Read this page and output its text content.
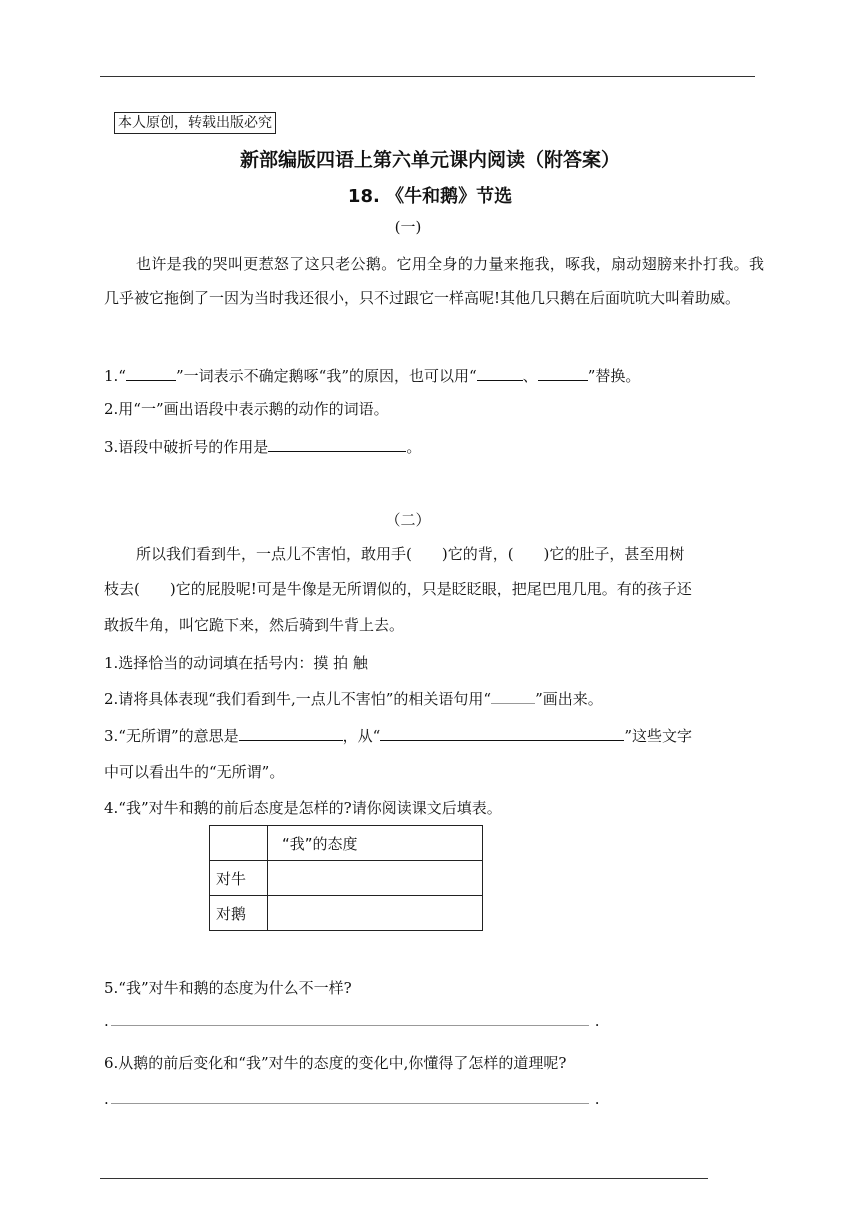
本人原创，转载出版必究
新部编版四语上第六单元课内阅读（附答案）
18. 《牛和鹅》节选
(一)
也许是我的哭叫更惹怒了这只老公鹅。它用全身的力量来拖我，啄我，扇动翅膀来扑打我。我几乎被它拖倒了一因为当时我还很小，只不过跟它一样高呢!其他几只鹅在后面吭吭大叫着助威。
1.“	”一词表示不确定鹅啄“我”的原因，也可以用“	、	”替换。
2.用“一”画出语段中表示鹅的动作的词语。
3.语段中破折号的作用是	。
（二）
所以我们看到牛，一点儿不害怕，敢用手(　　)它的背，(　　)它的肚子，甚至用树
枝去(　　)它的屁股呢!可是牛像是无所谓似的，只是眨眨眼，把尾巴甩几甩。有的孩子还
敢扳牛角，叫它跪下来，然后骑到牛背上去。
1.选择恰当的动词填在括号内：摸 拍 触
2.请将具体表现“我们看到牛,一点儿不害怕”的相关语句用“	”画出来。
3.“无所谓”的意思是	，从“	”这些文字
中可以看出牛的“无所谓”。
4.“我”对牛和鹅的前后态度是怎样的?请你阅读课文后填表。
	“我”的态度
对牛	
对鹅	
5.“我”对牛和鹅的态度为什么不一样?
.	.
6.从鹅的前后变化和“我”对牛的态度的变化中,你懂得了怎样的道理呢?
.	.
